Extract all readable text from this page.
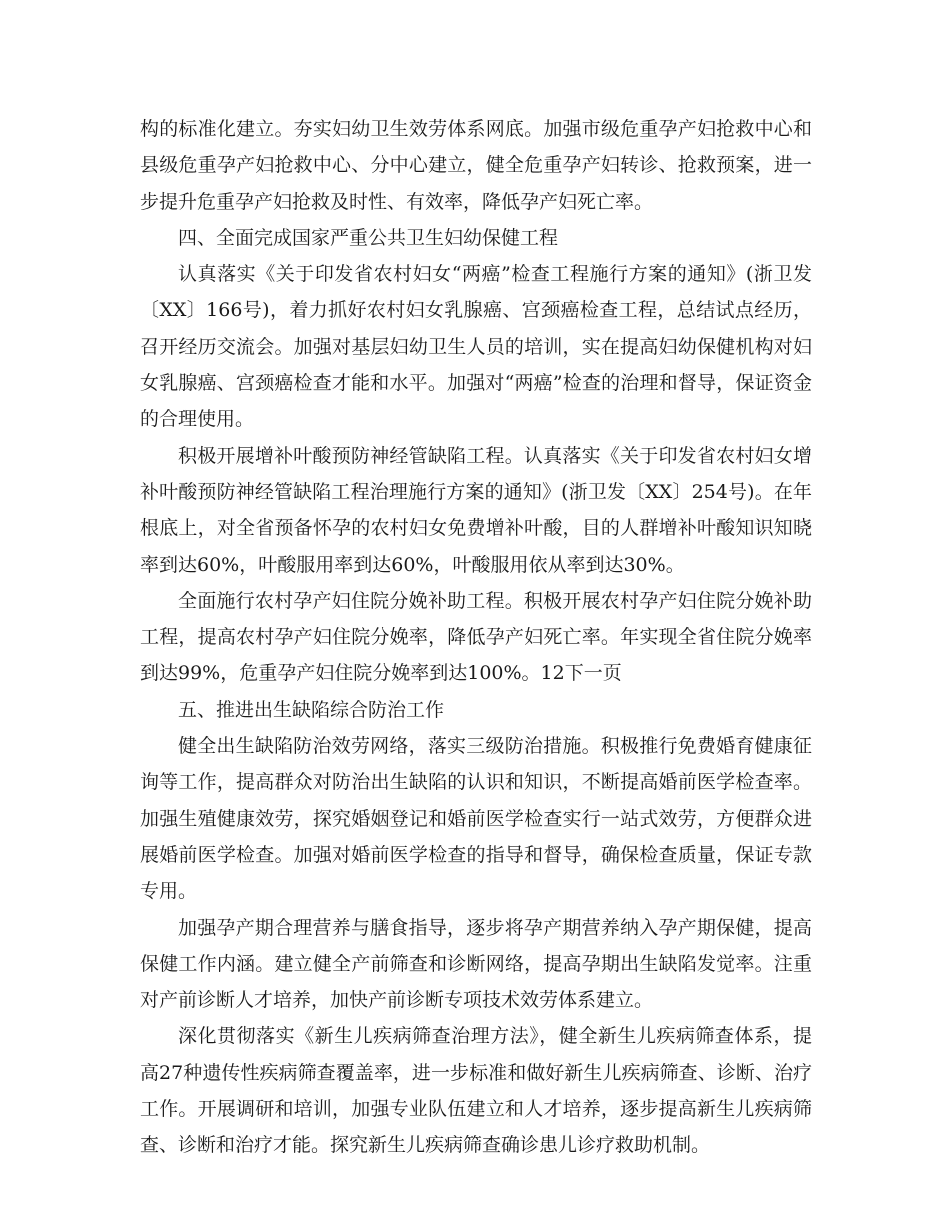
构的标准化建立。夯实妇幼卫生效劳体系网底。加强市级危重孕产妇抢救中心和县级危重孕产妇抢救中心、分中心建立，健全危重孕产妇转诊、抢救预案，进一步提升危重孕产妇抢救及时性、有效率，降低孕产妇死亡率。

四、全面完成国家严重公共卫生妇幼保健工程

认真落实《关于印发省农村妇女“两癌”检查工程施行方案的通知》(浙卫发〔XX〕166号)，着力抓好农村妇女乳腺癌、宫颈癌检查工程，总结试点经历，召开经历交流会。加强对基层妇幼卫生人员的培训，实在提高妇幼保健机构对妇女乳腺癌、宫颈癌检查才能和水平。加强对“两癌”检查的治理和督导，保证资金的合理使用。

积极开展增补叶酸预防神经管缺陷工程。认真落实《关于印发省农村妇女增补叶酸预防神经管缺陷工程治理施行方案的通知》(浙卫发〔XX〕254号)。在年根底上，对全省预备怀孕的农村妇女免费增补叶酸，目的人群增补叶酸知识知晓率到达60%，叶酸服用率到达60%，叶酸服用依从率到达30%。

全面施行农村孕产妇住院分娩补助工程。积极开展农村孕产妇住院分娩补助工程，提高农村孕产妇住院分娩率，降低孕产妇死亡率。年实现全省住院分娩率到达99%，危重孕产妇住院分娩率到达100%。12下一页

五、推进出生缺陷综合防治工作

健全出生缺陷防治效劳网络，落实三级防治措施。积极推行免费婚育健康征询等工作，提高群众对防治出生缺陷的认识和知识，不断提高婚前医学检查率。加强生殖健康效劳，探究婚姻登记和婚前医学检查实行一站式效劳，方便群众进展婚前医学检查。加强对婚前医学检查的指导和督导，确保检查质量，保证专款专用。

加强孕产期合理营养与膳食指导，逐步将孕产期营养纳入孕产期保健，提高保健工作内涵。建立健全产前筛查和诊断网络，提高孕期出生缺陷发觉率。注重对产前诊断人才培养，加快产前诊断专项技术效劳体系建立。

深化贯彻落实《新生儿疾病筛查治理方法》，健全新生儿疾病筛查体系，提高27种遗传性疾病筛查覆盖率，进一步标准和做好新生儿疾病筛查、诊断、治疗工作。开展调研和培训，加强专业队伍建立和人才培养，逐步提高新生儿疾病筛查、诊断和治疗才能。探究新生儿疾病筛查确诊患儿诊疗救助机制。
